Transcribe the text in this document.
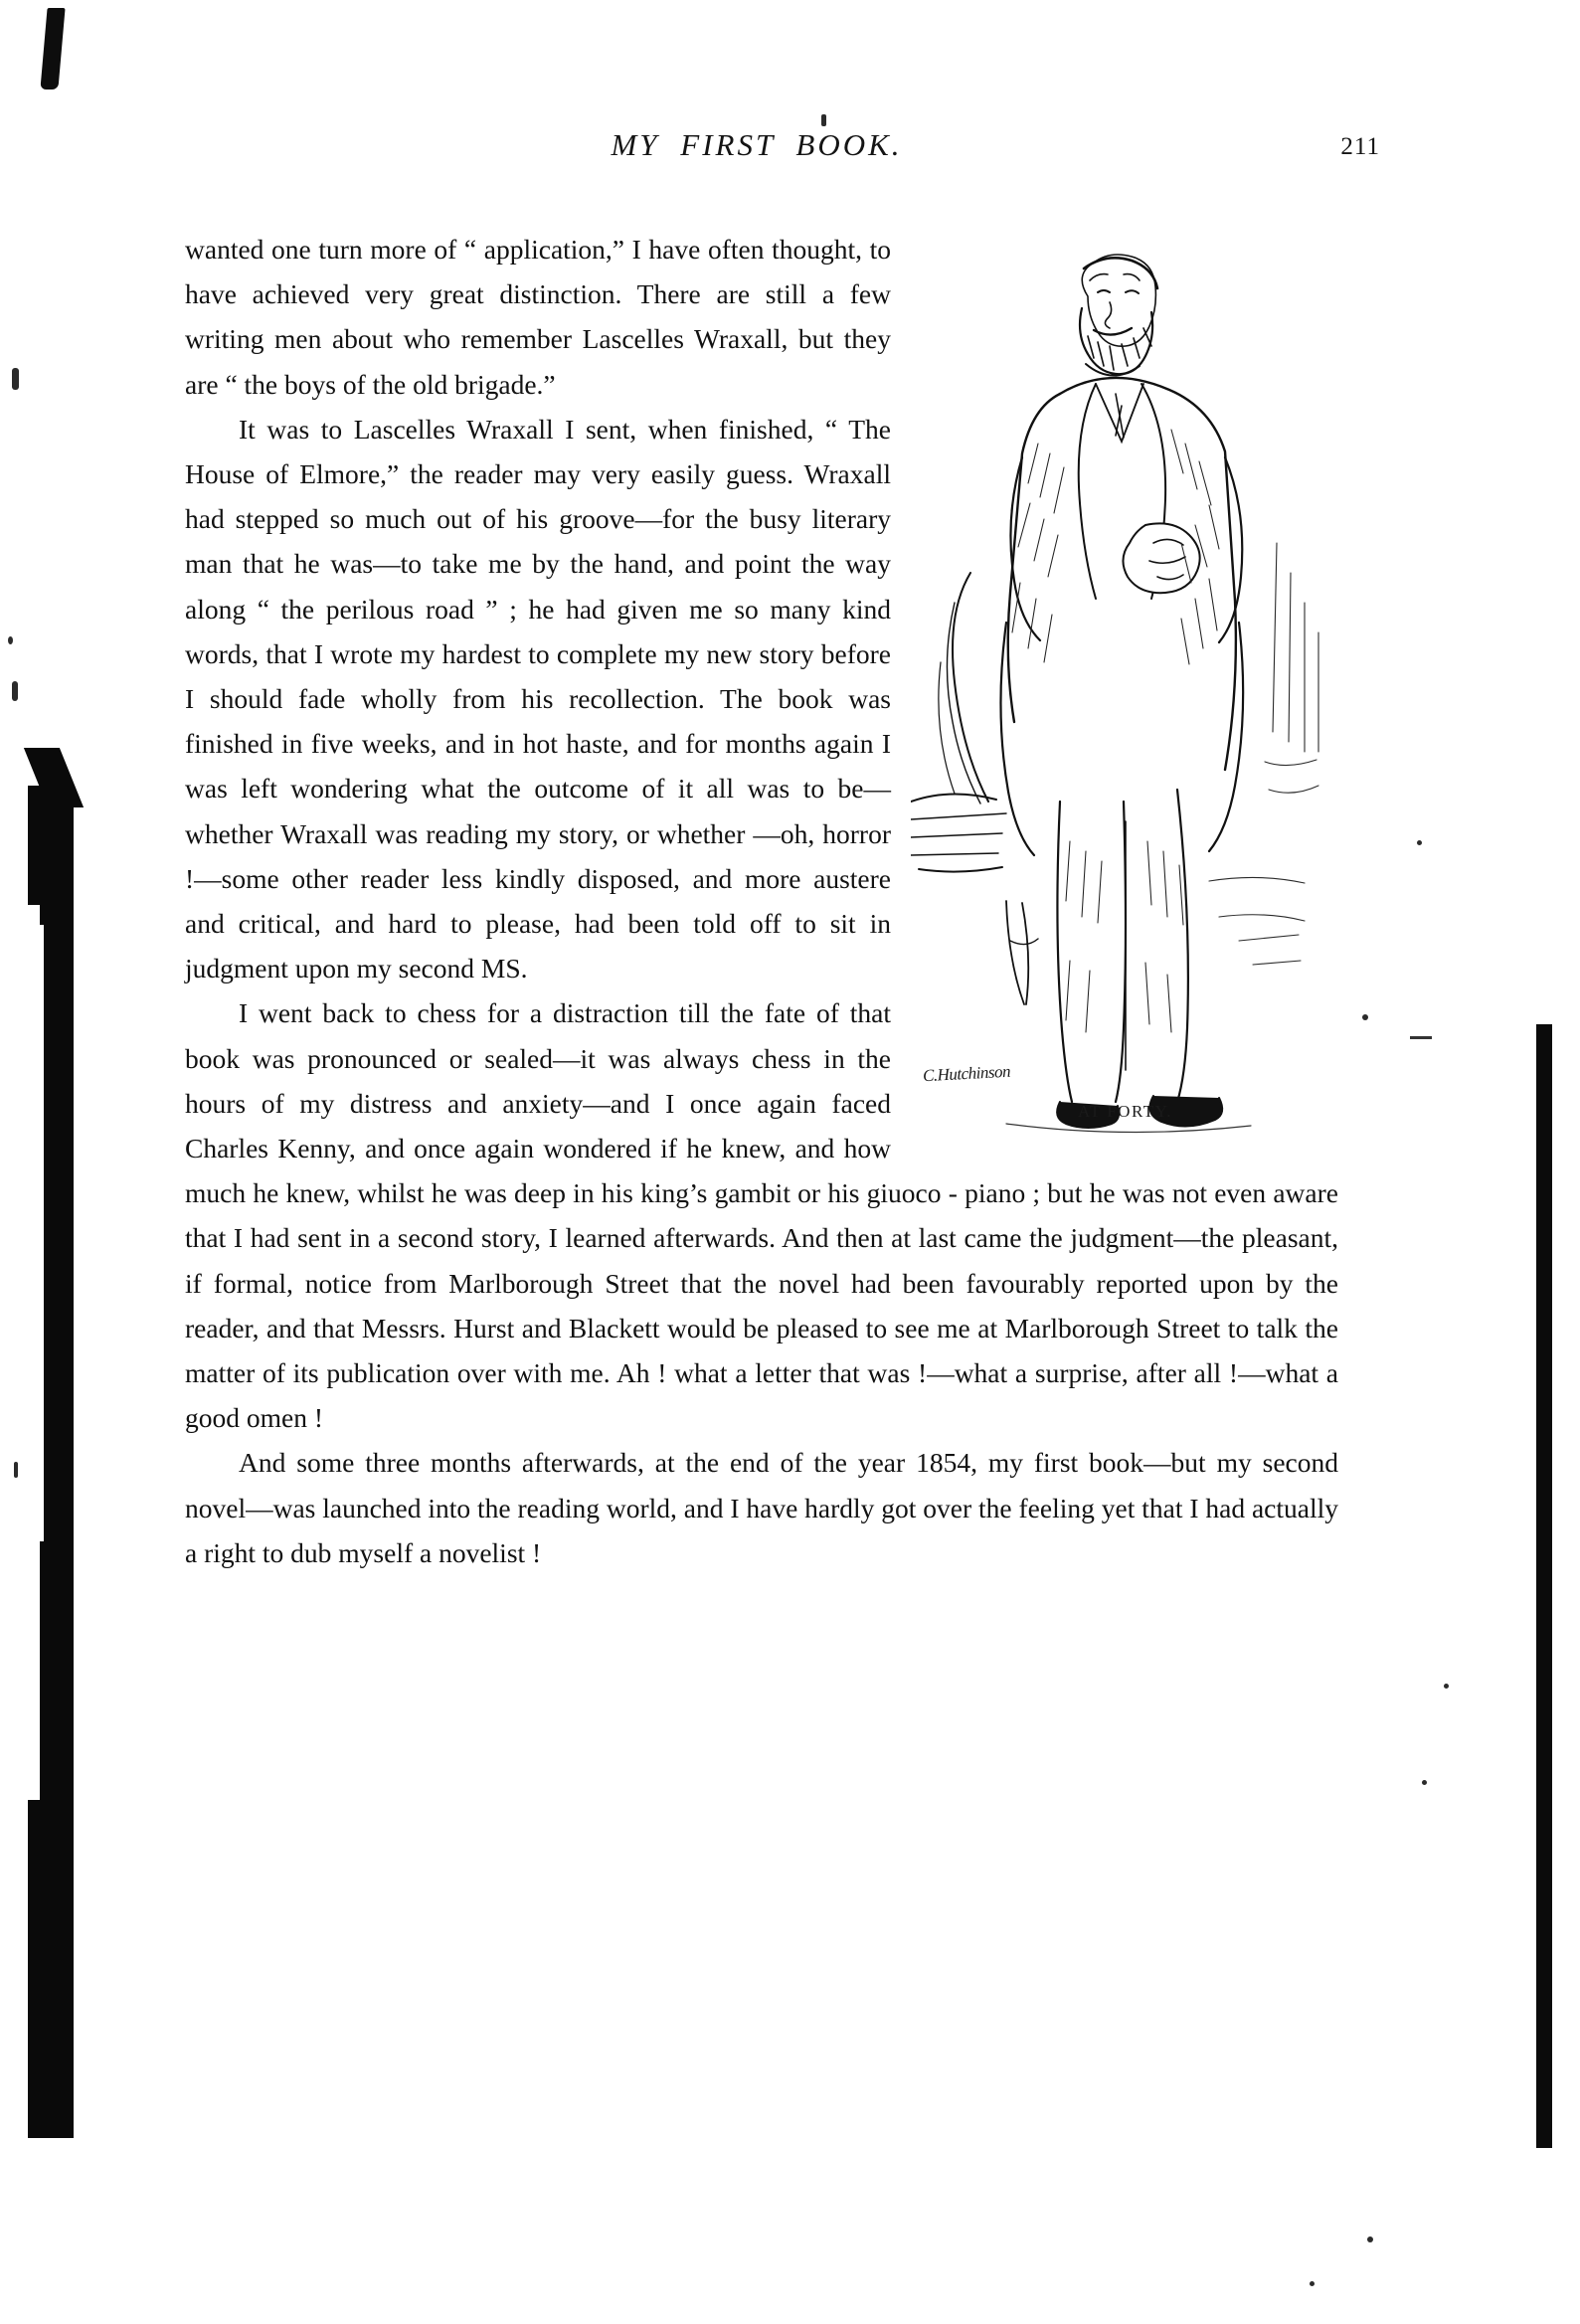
MY FIRST BOOK.	211
C.Hutchinson
AT FORTY.

wanted one turn more of “ application,” I have often thought, to have achieved very great distinction. There are still a few writing men about who remember Lascelles Wraxall, but they are “ the boys of the old brigade.”

It was to Lascelles Wraxall I sent, when finished, “ The House of Elmore,” the reader may very easily guess. Wraxall had stepped so much out of his groove—for the busy literary man that he was—to take me by the hand, and point the way along “ the perilous road ” ; he had given me so many kind words, that I wrote my hardest to complete my new story before I should fade wholly from his recollection. The book was finished in five weeks, and in hot haste, and for months again I was left wondering what the outcome of it all was to be—whether Wraxall was reading my story, or whether —oh, horror !—some other reader less kindly disposed, and more austere and critical, and hard to please, had been told off to sit in judgment upon my second MS.

I went back to chess for a distraction till the fate of that book was pronounced or sealed—it was always chess in the hours of my distress and anxiety—and I once again faced Charles Kenny, and once again wondered if he knew, and how much he knew, whilst he was deep in his king’s gambit or his giuoco - piano ; but he was not even aware that I had sent in a second story, I learned afterwards. And then at last came the judgment—the pleasant, if formal, notice from Marlborough Street that the novel had been favourably reported upon by the reader, and that Messrs. Hurst and Blackett would be pleased to see me at Marlborough Street to talk the matter of its publication over with me. Ah ! what a letter that was !—what a surprise, after all !—what a good omen !

And some three months afterwards, at the end of the year 1854, my first book—but my second novel—was launched into the reading world, and I have hardly got over the feeling yet that I had actually a right to dub myself a novelist !
